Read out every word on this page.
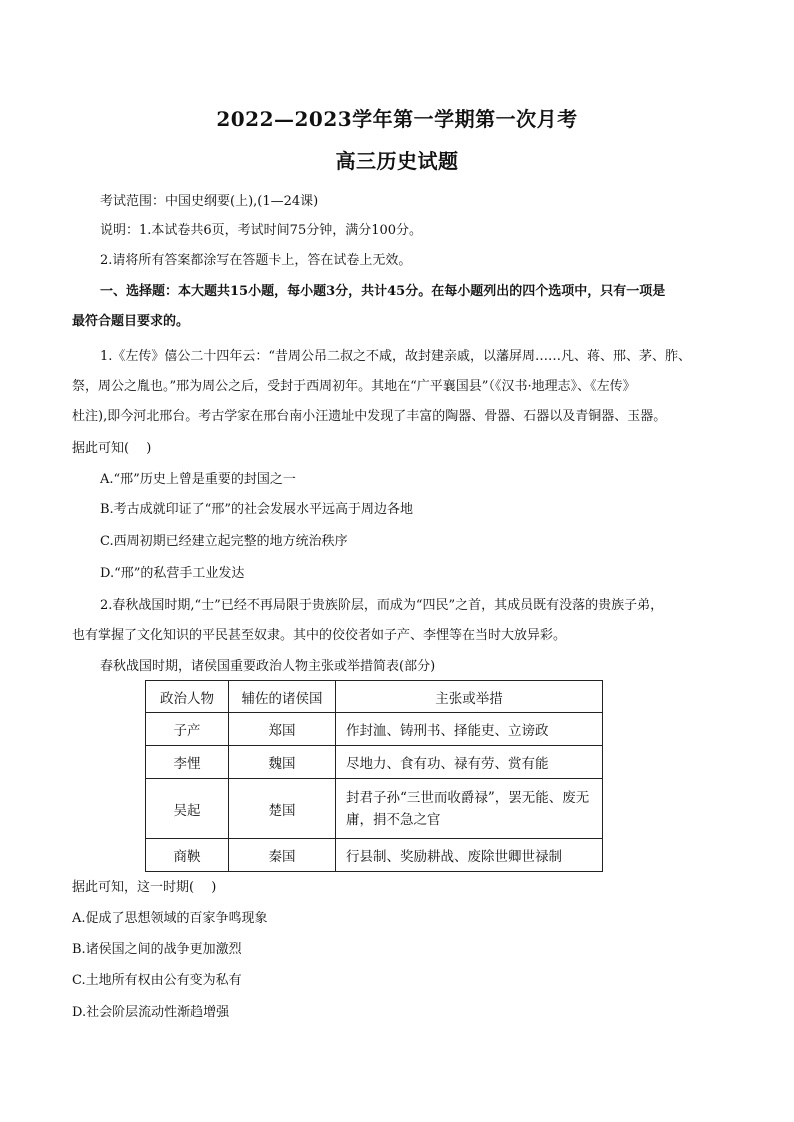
2022—2023学年第一学期第一次月考
高三历史试题
考试范围：中国史纲要(上),(1—24课)
说明：1.本试卷共6页，考试时间75分钟，满分100分。
2.请将所有答案都涂写在答题卡上，答在试卷上无效。
一、选择题：本大题共15小题，每小题3分，共计45分。在每小题列出的四个选项中，只有一项是
最符合题目要求的。
1.《左传》僖公二十四年云：“昔周公吊二叔之不咸，故封建亲戚，以藩屏周……凡、蒋、邢、茅、胙、
祭，周公之胤也。”邢为周公之后，受封于西周初年。其地在“广平襄国县”（《汉书·地理志》、《左传》
杜注),即今河北邢台。考古学家在邢台南小汪遗址中发现了丰富的陶器、骨器、石器以及青铜器、玉器。
据此可知(　 )
A.“邢”历史上曾是重要的封国之一
B.考古成就印证了“邢”的社会发展水平远高于周边各地
C.西周初期已经建立起完整的地方统治秩序
D.“邢”的私营手工业发达
2.春秋战国时期,“士”已经不再局限于贵族阶层，而成为“四民”之首，其成员既有没落的贵族子弟，
也有掌握了文化知识的平民甚至奴隶。其中的佼佼者如子产、李悝等在当时大放异彩。
春秋战国时期，诸侯国重要政治人物主张或举措简表(部分)
政治人物	辅佐的诸侯国	主张或举措
子产	郑国	作封洫、铸刑书、择能吏、立谤政
李悝	魏国	尽地力、食有功、禄有劳、赏有能
吴起	楚国	封君子孙“三世而收爵禄”，罢无能、废无庸，捐不急之官
商鞅	秦国	行县制、奖励耕战、废除世卿世禄制
据此可知，这一时期(　 )
A.促成了思想领域的百家争鸣现象
B.诸侯国之间的战争更加激烈
C.土地所有权由公有变为私有
D.社会阶层流动性渐趋增强
